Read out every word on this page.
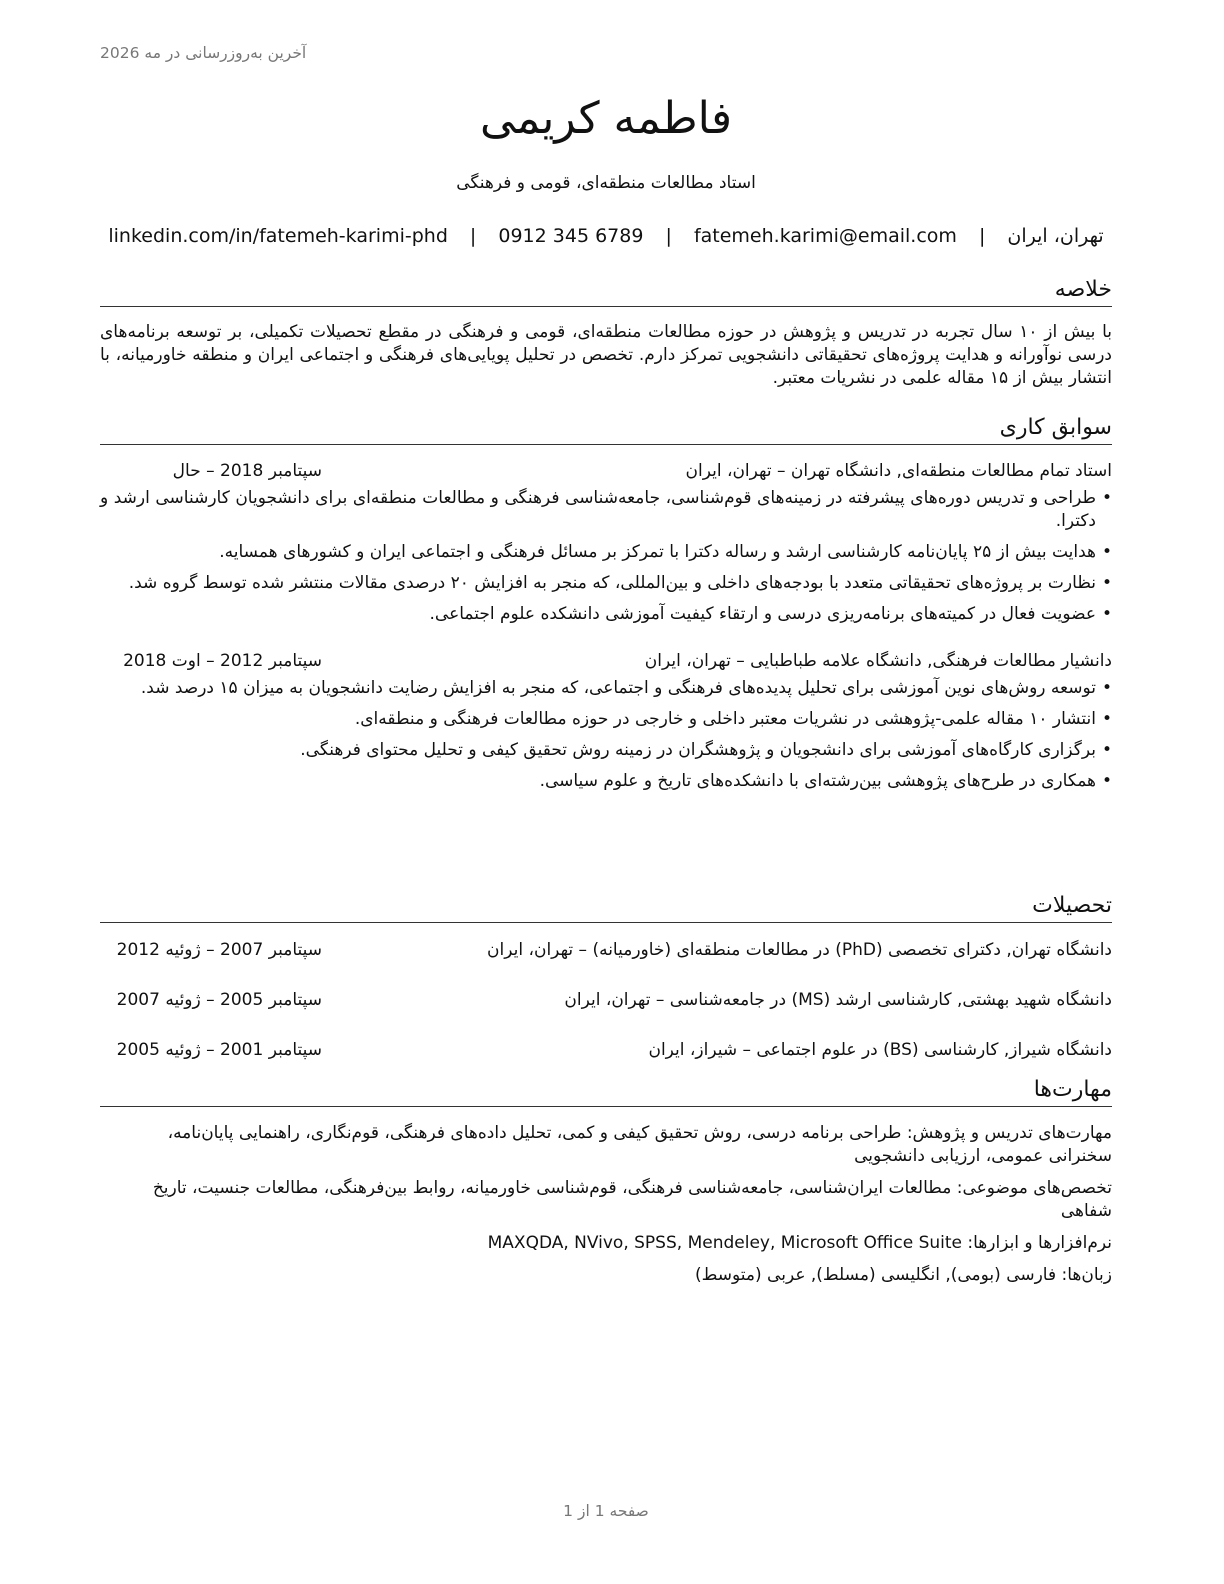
آخرین به‌روزرسانی در مه 2026
فاطمه کریمی
استاد مطالعات منطقه‌ای، قومی و فرهنگی
تهران، ایران | fatemeh.karimi@email.com | 0912 345 6789 | linkedin.com/in/fatemeh-karimi-phd
خلاصه

با بیش از ۱۰ سال تجربه در تدریس و پژوهش در حوزه مطالعات منطقه‌ای، قومی و فرهنگی در مقطع تحصیلات تکمیلی، بر توسعه برنامه‌های درسی نوآورانه و هدایت پروژه‌های تحقیقاتی دانشجویی تمرکز دارم. تخصص در تحلیل پویایی‌های فرهنگی و اجتماعی ایران و منطقه خاورمیانه، با انتشار بیش از ۱۵ مقاله علمی در نشریات معتبر.

سوابق کاری
استاد تمام مطالعات منطقه‌ای, دانشگاه تهران – تهران، ایران
سپتامبر 2018 – حال
• طراحی و تدریس دوره‌های پیشرفته در زمینه‌های قوم‌شناسی، جامعه‌شناسی فرهنگی و مطالعات منطقه‌ای برای دانشجویان کارشناسی ارشد و دکترا.
• هدایت بیش از ۲۵ پایان‌نامه کارشناسی ارشد و رساله دکترا با تمرکز بر مسائل فرهنگی و اجتماعی ایران و کشورهای همسایه.
• نظارت بر پروژه‌های تحقیقاتی متعدد با بودجه‌های داخلی و بین‌المللی، که منجر به افزایش ۲۰ درصدی مقالات منتشر شده توسط گروه شد.
• عضویت فعال در کمیته‌های برنامه‌ریزی درسی و ارتقاء کیفیت آموزشی دانشکده علوم اجتماعی.
دانشیار مطالعات فرهنگی, دانشگاه علامه طباطبایی – تهران، ایران
سپتامبر 2012 – اوت 2018
• توسعه روش‌های نوین آموزشی برای تحلیل پدیده‌های فرهنگی و اجتماعی، که منجر به افزایش رضایت دانشجویان به میزان ۱۵ درصد شد.
• انتشار ۱۰ مقاله علمی-پژوهشی در نشریات معتبر داخلی و خارجی در حوزه مطالعات فرهنگی و منطقه‌ای.
• برگزاری کارگاه‌های آموزشی برای دانشجویان و پژوهشگران در زمینه روش تحقیق کیفی و تحلیل محتوای فرهنگی.
• همکاری در طرح‌های پژوهشی بین‌رشته‌ای با دانشکده‌های تاریخ و علوم سیاسی.
تحصیلات
دانشگاه تهران, دکترای تخصصی (PhD) در مطالعات منطقه‌ای (خاورمیانه) – تهران، ایران
سپتامبر 2007 – ژوئیه 2012
دانشگاه شهید بهشتی, کارشناسی ارشد (MS) در جامعه‌شناسی – تهران، ایران
سپتامبر 2005 – ژوئیه 2007
دانشگاه شیراز, کارشناسی (BS) در علوم اجتماعی – شیراز، ایران
سپتامبر 2001 – ژوئیه 2005
مهارت‌ها

مهارت‌های تدریس و پژوهش: طراحی برنامه درسی، روش تحقیق کیفی و کمی، تحلیل داده‌های فرهنگی، قوم‌نگاری، راهنمایی پایان‌نامه، سخنرانی عمومی، ارزیابی دانشجویی

تخصص‌های موضوعی: مطالعات ایران‌شناسی، جامعه‌شناسی فرهنگی، قوم‌شناسی خاورمیانه، روابط بین‌فرهنگی، مطالعات جنسیت، تاریخ شفاهی

نرم‌افزارها و ابزارها: MAXQDA, NVivo, SPSS, Mendeley, Microsoft Office Suite

زبان‌ها: فارسی (بومی), انگلیسی (مسلط), عربی (متوسط)

صفحه 1 از 1
